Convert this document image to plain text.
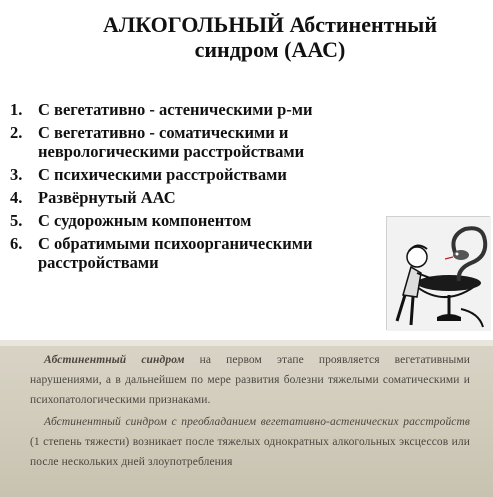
АЛКОГОЛЬНЫЙ Абстинентный синдром (ААС)
1. С вегетативно - астеническими р-ми
2. С вегетативно - соматическими и неврологическими расстройствами
3. С психическими расстройствами
4. Развёрнутый ААС
5. С судорожным компонентом
6. С обратимыми психоорганическими расстройствами

Абстинентный синдром на первом этапе проявляется вегетативными нарушениями, а в дальнейшем по мере развития болезни тяжелыми соматическими и психопатологическими признаками.

Абстинентный синдром с преобладанием вегетативно-астенических расстройств (1 степень тяжести) возникает после тяжелых однократных алкогольных эксцессов или после нескольких дней злоупотребления
